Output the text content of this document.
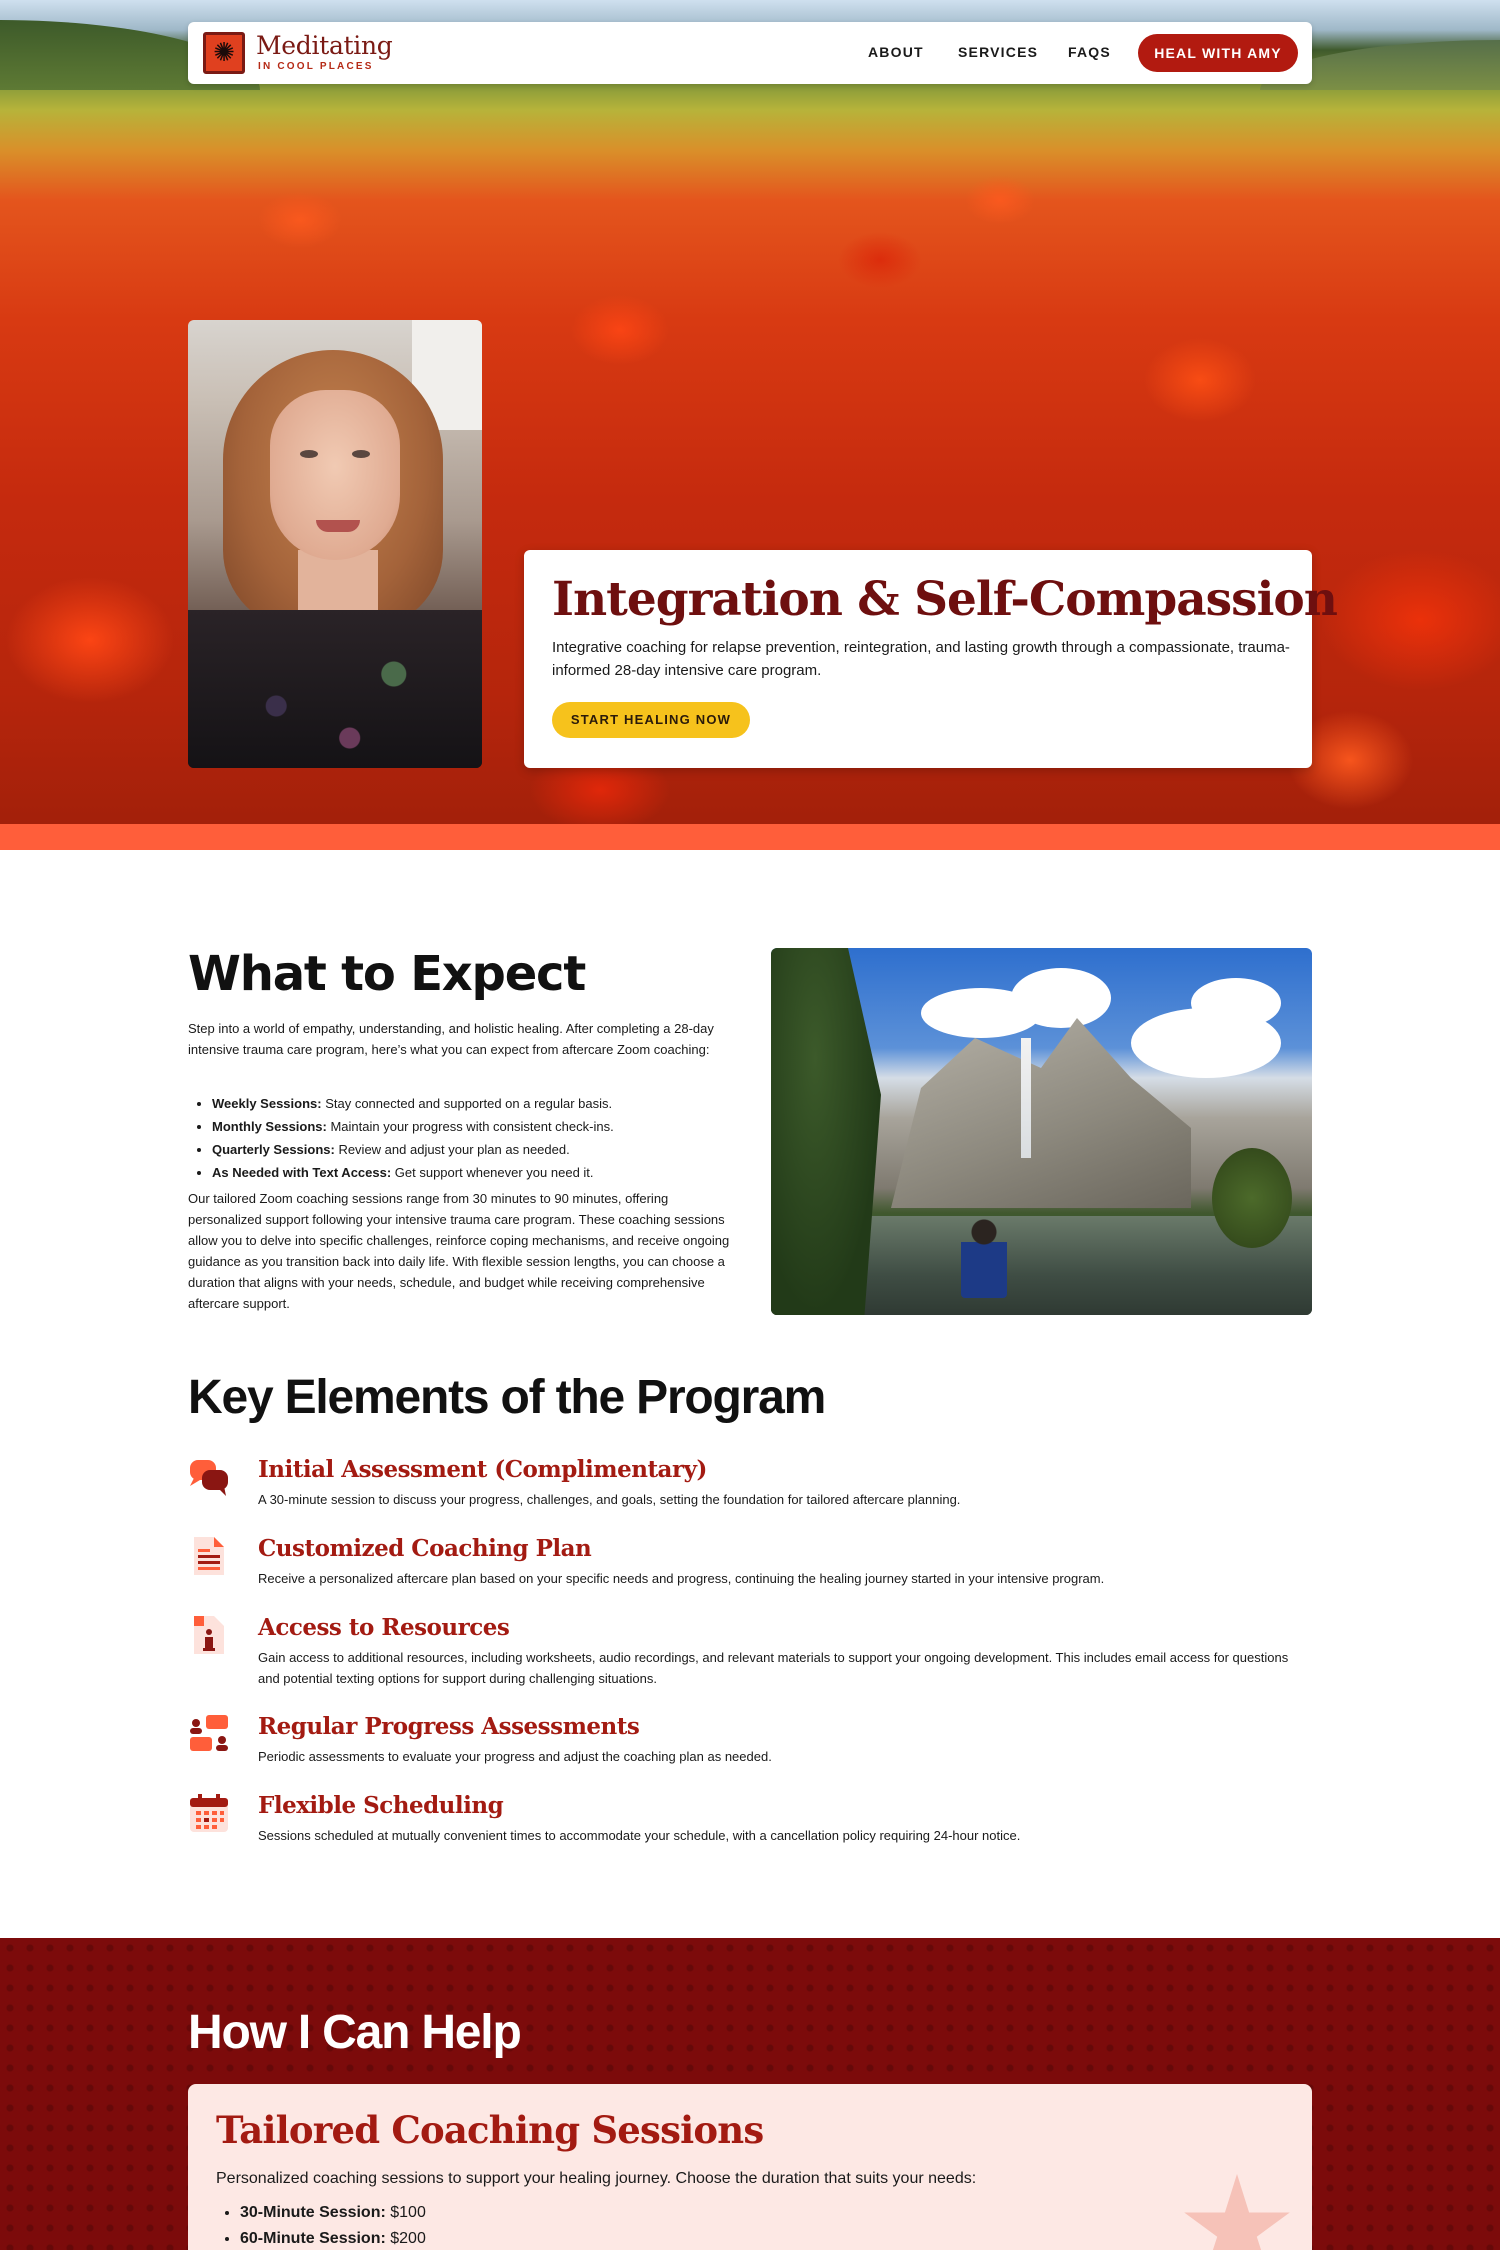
✺ Meditating
IN COOL PLACES
ABOUT SERVICES FAQS	HEAL WITH AMY
Integration & Self-Compassion

Integrative coaching for relapse prevention, reintegration, and lasting growth through a compassionate, trauma-informed 28-day intensive care program.

START HEALING NOW
What to Expect

Step into a world of empathy, understanding, and holistic healing. After completing a 28-day intensive trauma care program, here’s what you can expect from aftercare Zoom coaching:

• Weekly Sessions: Stay connected and supported on a regular basis.
• Monthly Sessions: Maintain your progress with consistent check-ins.
• Quarterly Sessions: Review and adjust your plan as needed.
• As Needed with Text Access: Get support whenever you need it.

Our tailored Zoom coaching sessions range from 30 minutes to 90 minutes, offering personalized support following your intensive trauma care program. These coaching sessions allow you to delve into specific challenges, reinforce coping mechanisms, and receive ongoing guidance as you transition back into daily life. With flexible session lengths, you can choose a duration that aligns with your needs, schedule, and budget while receiving comprehensive aftercare support.

Key Elements of the Program
Initial Assessment (Complimentary)
A 30-minute session to discuss your progress, challenges, and goals, setting the foundation for tailored aftercare planning.
Customized Coaching Plan
Receive a personalized aftercare plan based on your specific needs and progress, continuing the healing journey started in your intensive program.
Access to Resources
Gain access to additional resources, including worksheets, audio recordings, and relevant materials to support your ongoing development. This includes email access for questions and potential texting options for support during challenging situations.
Regular Progress Assessments
Periodic assessments to evaluate your progress and adjust the coaching plan as needed.
Flexible Scheduling
Sessions scheduled at mutually convenient times to accommodate your schedule, with a cancellation policy requiring 24-hour notice.
How I Can Help
Tailored Coaching Sessions

Personalized coaching sessions to support your healing journey. Choose the duration that suits your needs:

• 30-Minute Session: $100
• 60-Minute Session: $200
